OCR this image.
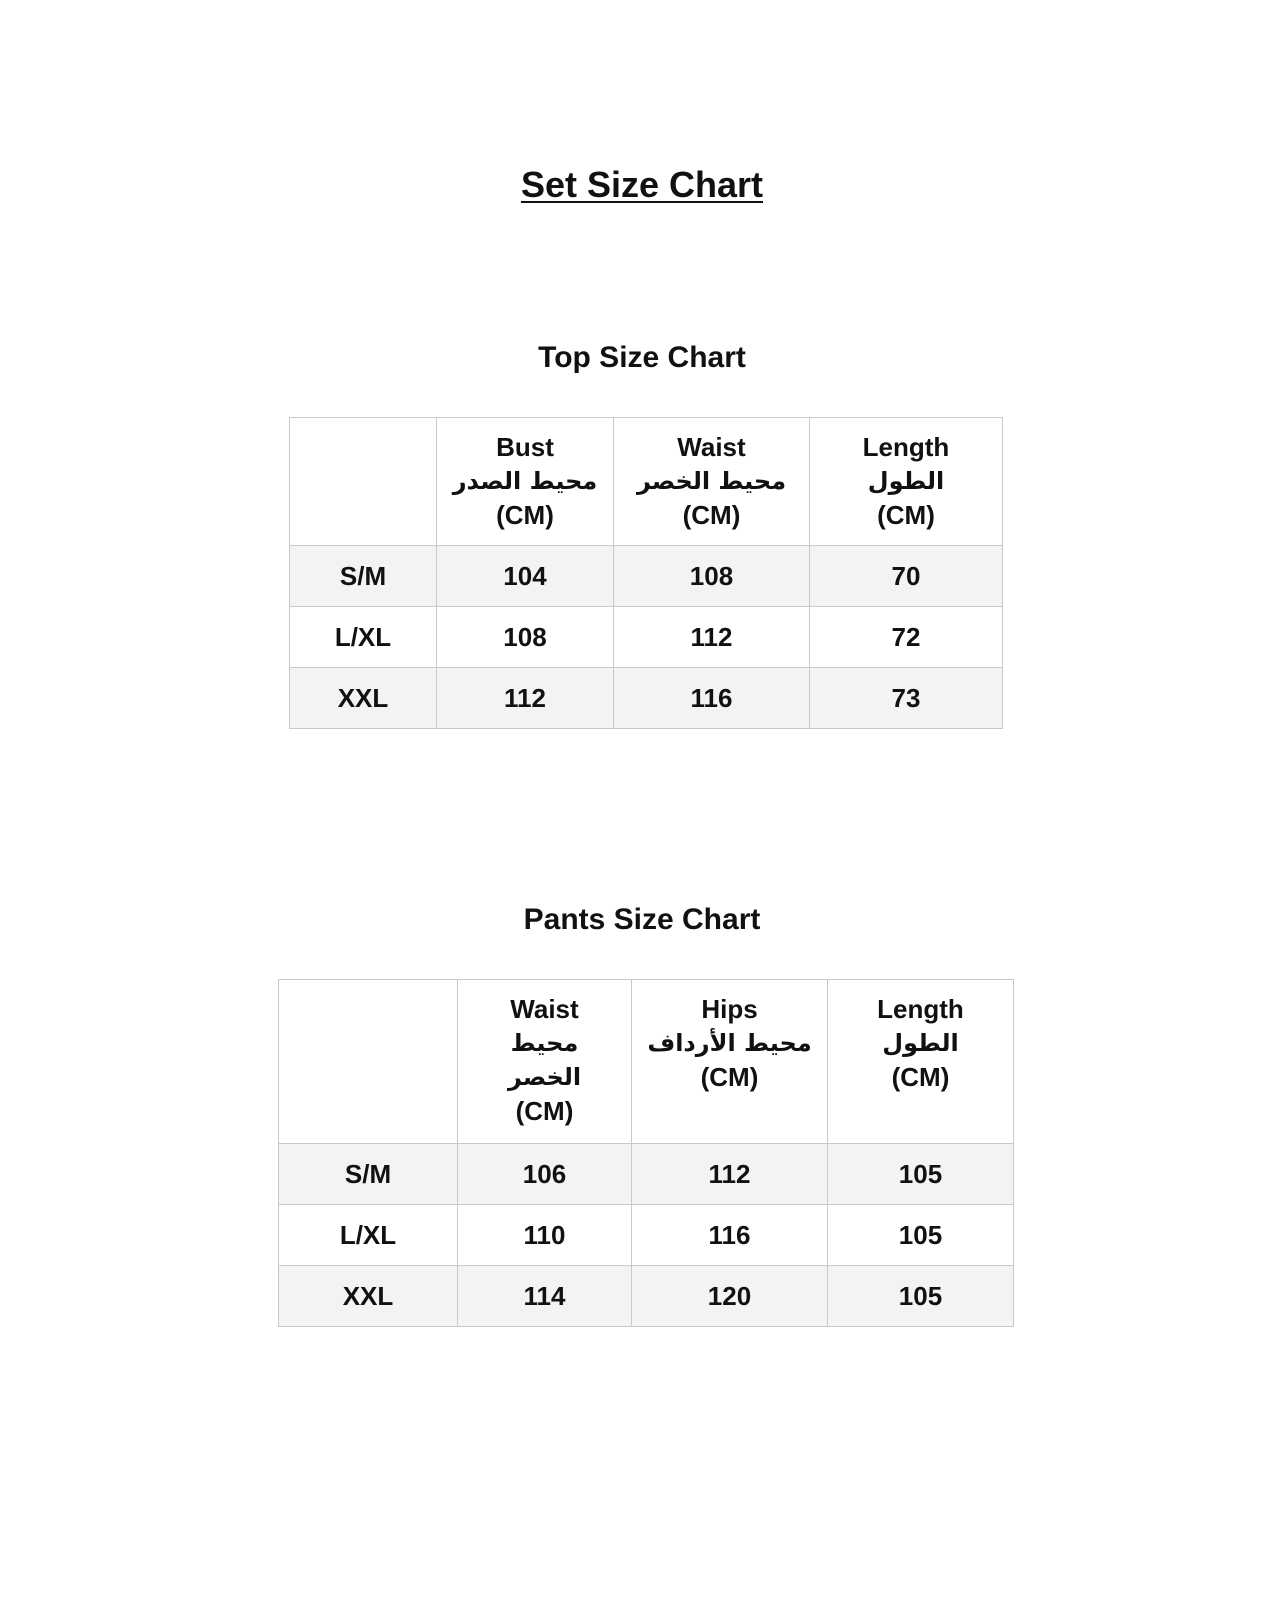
Set Size Chart
Top Size Chart

	Bust
محيط الصدر
(CM)	Waist
محيط الخصر
(CM)	Length
الطول
(CM)

S/M	104	108	70
L/XL	108	112	72
XXL	112	116	73
Pants Size Chart

	Waist
محيط
الخصر
(CM)	Hips
محيط الأرداف
(CM)	Length
الطول
(CM)

S/M	106	112	105
L/XL	110	116	105
XXL	114	120	105
